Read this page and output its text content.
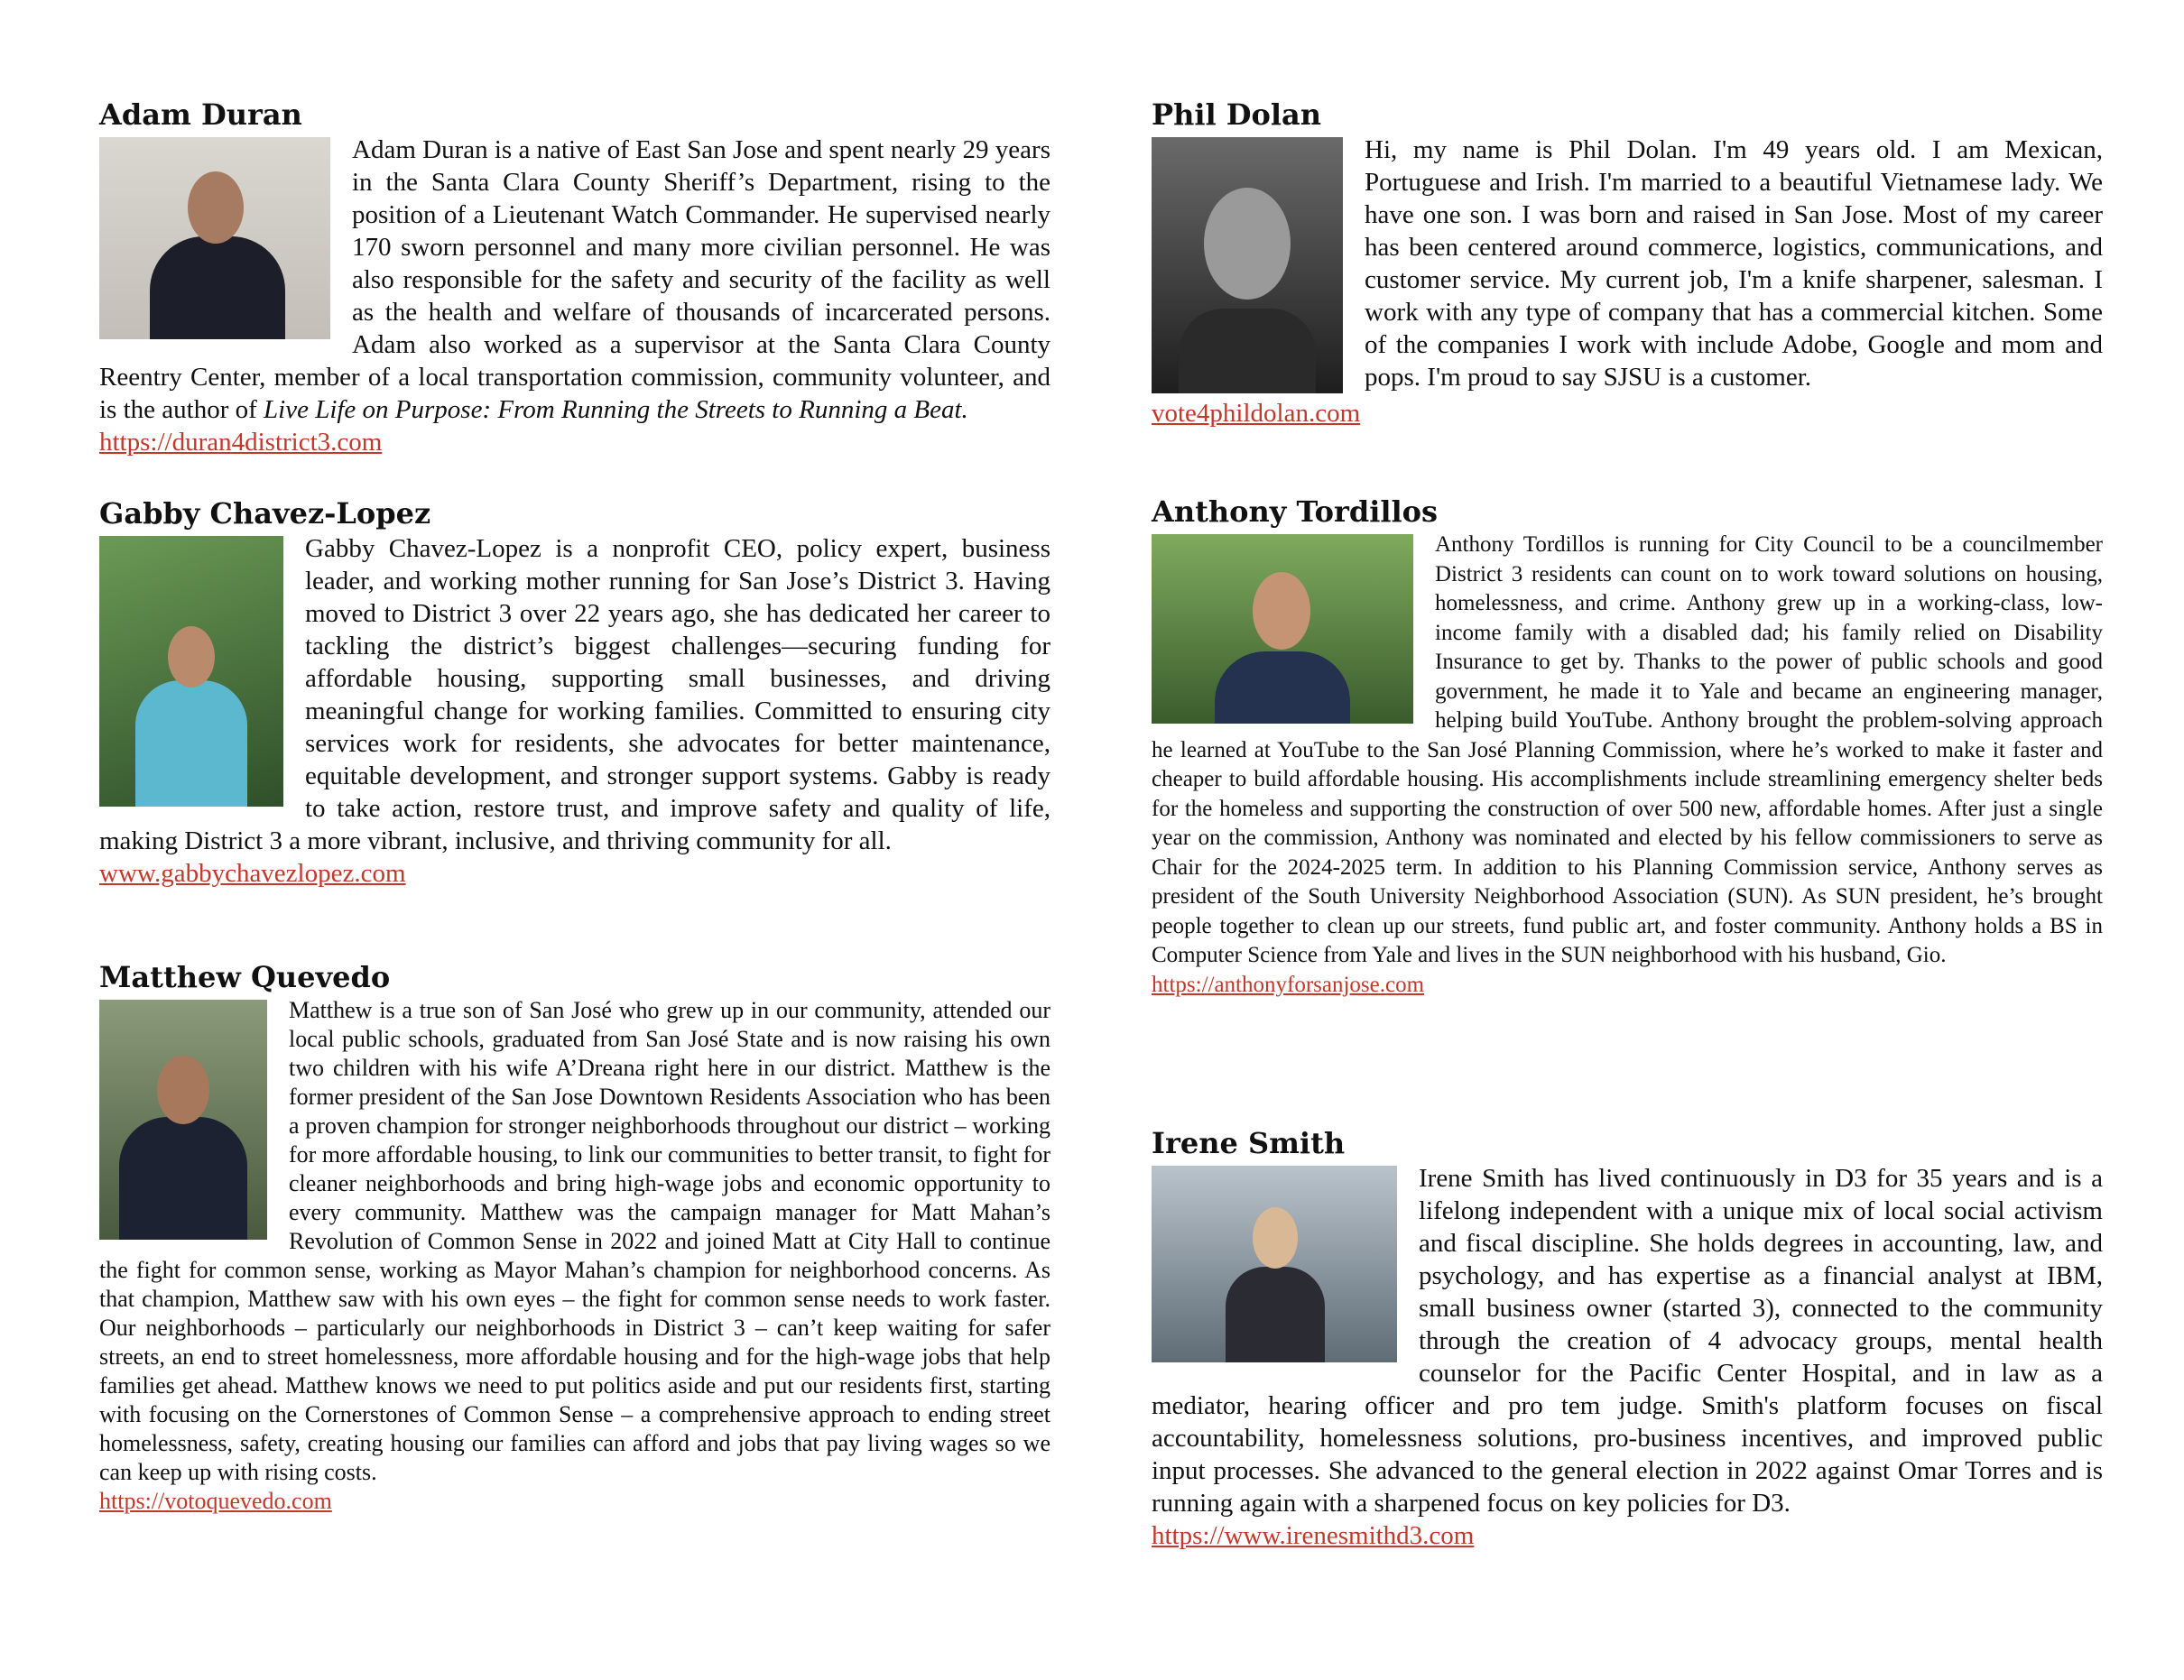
Adam Duran

Adam Duran is a native of East San Jose and spent nearly 29 years in the Santa Clara County Sheriff’s Department, rising to the position of a Lieutenant Watch Commander. He supervised nearly 170 sworn personnel and many more civilian personnel. He was also responsible for the safety and security of the facility as well as the health and welfare of thousands of incarcerated persons. Adam also worked as a supervisor at the Santa Clara County Reentry Center, member of a local transportation commission, community volunteer, and is the author of Live Life on Purpose: From Running the Streets to Running a Beat.

https://duran4district3.com
Gabby Chavez-Lopez

Gabby Chavez-Lopez is a nonprofit CEO, policy expert, business leader, and working mother running for San Jose’s District 3. Having moved to District 3 over 22 years ago, she has dedicated her career to tackling the district’s biggest challenges—securing funding for affordable housing, supporting small businesses, and driving meaningful change for working families. Committed to ensuring city services work for residents, she advocates for better maintenance, equitable development, and stronger support systems. Gabby is ready to take action, restore trust, and improve safety and quality of life, making District 3 a more vibrant, inclusive, and thriving community for all.

www.gabbychavezlopez.com
Matthew Quevedo

Matthew is a true son of San José who grew up in our community, attended our local public schools, graduated from San José State and is now raising his own two children with his wife A’Dreana right here in our district. Matthew is the former president of the San Jose Downtown Residents Association who has been a proven champion for stronger neighborhoods throughout our district – working for more affordable housing, to link our communities to better transit, to fight for cleaner neighborhoods and bring high-wage jobs and economic opportunity to every community. Matthew was the campaign manager for Matt Mahan’s Revolution of Common Sense in 2022 and joined Matt at City Hall to continue the fight for common sense, working as Mayor Mahan’s champion for neighborhood concerns. As that champion, Matthew saw with his own eyes – the fight for common sense needs to work faster. Our neighborhoods – particularly our neighborhoods in District 3 – can’t keep waiting for safer streets, an end to street homelessness, more affordable housing and for the high-wage jobs that help families get ahead. Matthew knows we need to put politics aside and put our residents first, starting with focusing on the Cornerstones of Common Sense – a comprehensive approach to ending street homelessness, safety, creating housing our families can afford and jobs that pay living wages so we can keep up with rising costs.

https://votoquevedo.com
Phil Dolan

Hi, my name is Phil Dolan. I'm 49 years old. I am Mexican, Portuguese and Irish. I'm married to a beautiful Vietnamese lady. We have one son. I was born and raised in San Jose. Most of my career has been centered around commerce, logistics, communications, and customer service. My current job, I'm a knife sharpener, salesman. I work with any type of company that has a commercial kitchen. Some of the companies I work with include Adobe, Google and mom and pops. I'm proud to say SJSU is a customer.

vote4phildolan.com
Anthony Tordillos

Anthony Tordillos is running for City Council to be a councilmember District 3 residents can count on to work toward solutions on housing, homelessness, and crime. Anthony grew up in a working-class, low-income family with a disabled dad; his family relied on Disability Insurance to get by. Thanks to the power of public schools and good government, he made it to Yale and became an engineering manager, helping build YouTube. Anthony brought the problem-solving approach he learned at YouTube to the San José Planning Commission, where he’s worked to make it faster and cheaper to build affordable housing. His accomplishments include streamlining emergency shelter beds for the homeless and supporting the construction of over 500 new, affordable homes. After just a single year on the commission, Anthony was nominated and elected by his fellow commissioners to serve as Chair for the 2024-2025 term. In addition to his Planning Commission service, Anthony serves as president of the South University Neighborhood Association (SUN). As SUN president, he’s brought people together to clean up our streets, fund public art, and foster community. Anthony holds a BS in Computer Science from Yale and lives in the SUN neighborhood with his husband, Gio.

https://anthonyforsanjose.com
Irene Smith

Irene Smith has lived continuously in D3 for 35 years and is a lifelong independent with a unique mix of local social activism and fiscal discipline. She holds degrees in accounting, law, and psychology, and has expertise as a financial analyst at IBM, small business owner (started 3), connected to the community through the creation of 4 advocacy groups, mental health counselor for the Pacific Center Hospital, and in law as a mediator, hearing officer and pro tem judge. Smith's platform focuses on fiscal accountability, homelessness solutions, pro-business incentives, and improved public input processes. She advanced to the general election in 2022 against Omar Torres and is running again with a sharpened focus on key policies for D3.

https://www.irenesmithd3.com
